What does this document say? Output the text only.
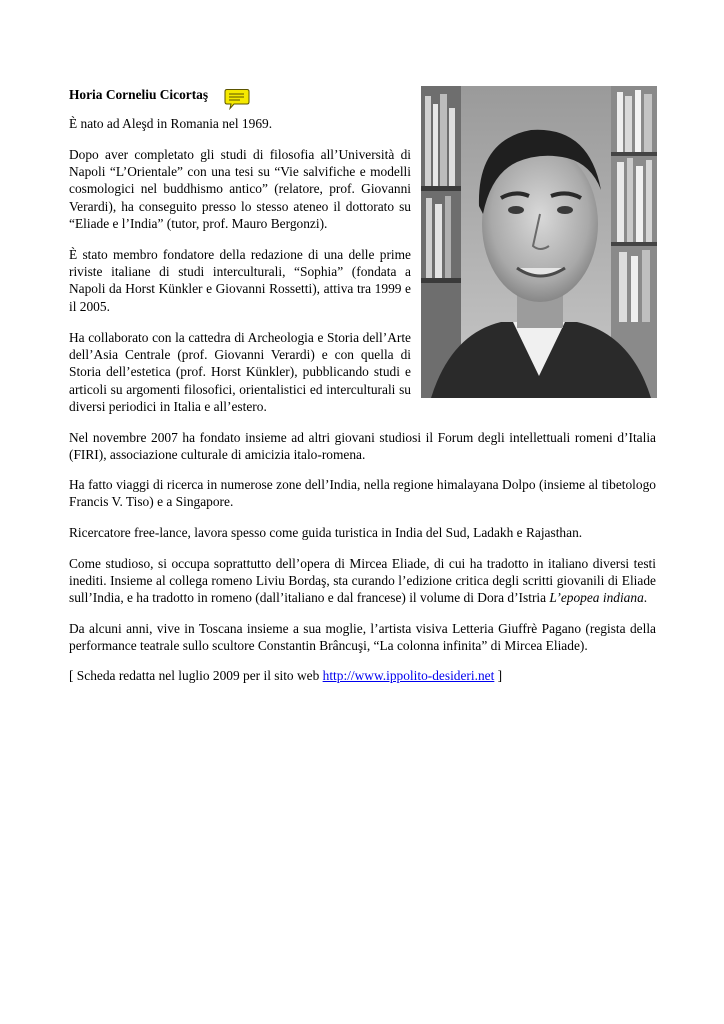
Horia Corneliu Cicortaş

È nato ad Aleşd in Romania nel 1969.

Dopo aver completato gli studi di filosofia all’Università di Napoli “L’Orientale” con una tesi su “Vie salvifiche e modelli cosmologici nel buddhismo antico” (relatore, prof. Giovanni Verardi), ha conseguito presso lo stesso ateneo il dottorato su “Eliade e l’India” (tutor, prof. Mauro Bergonzi).

È stato membro fondatore della redazione di una delle prime riviste italiane di studi interculturali, “Sophia” (fondata a Napoli da Horst Künkler e Giovanni Rossetti), attiva tra 1999 e il 2005.

Ha collaborato con la cattedra di Archeologia e Storia dell’Arte dell’Asia Centrale (prof. Giovanni Verardi) e con quella di Storia dell’estetica (prof. Horst Künkler), pubblicando studi e articoli su argomenti filosofici, orientalistici ed interculturali su diversi periodici in Italia e all’estero.

Nel novembre 2007 ha fondato insieme ad altri giovani studiosi il Forum degli intellettuali romeni d’Italia (FIRI), associazione culturale di amicizia italo-romena.

Ha fatto viaggi di ricerca in numerose zone dell’India, nella regione himalayana Dolpo (insieme al tibetologo Francis V. Tiso) e a Singapore.

Ricercatore free-lance, lavora spesso come guida turistica in India del Sud, Ladakh e Rajasthan.

Come studioso, si occupa soprattutto dell’opera di Mircea Eliade, di cui ha tradotto in italiano diversi testi inediti. Insieme al collega romeno Liviu Bordaş, sta curando l’edizione critica degli scritti giovanili di Eliade sull’India, e ha tradotto in romeno (dall’italiano e dal francese) il volume di Dora d’Istria L’epopea indiana.

Da alcuni anni, vive in Toscana insieme a sua moglie, l’artista visiva Letteria Giuffrè Pagano (regista della performance teatrale sullo scultore Constantin Brâncuşi, “La colonna infinita” di Mircea Eliade).

[ Scheda redatta nel luglio 2009 per il sito web http://www.ippolito-desideri.net ]
